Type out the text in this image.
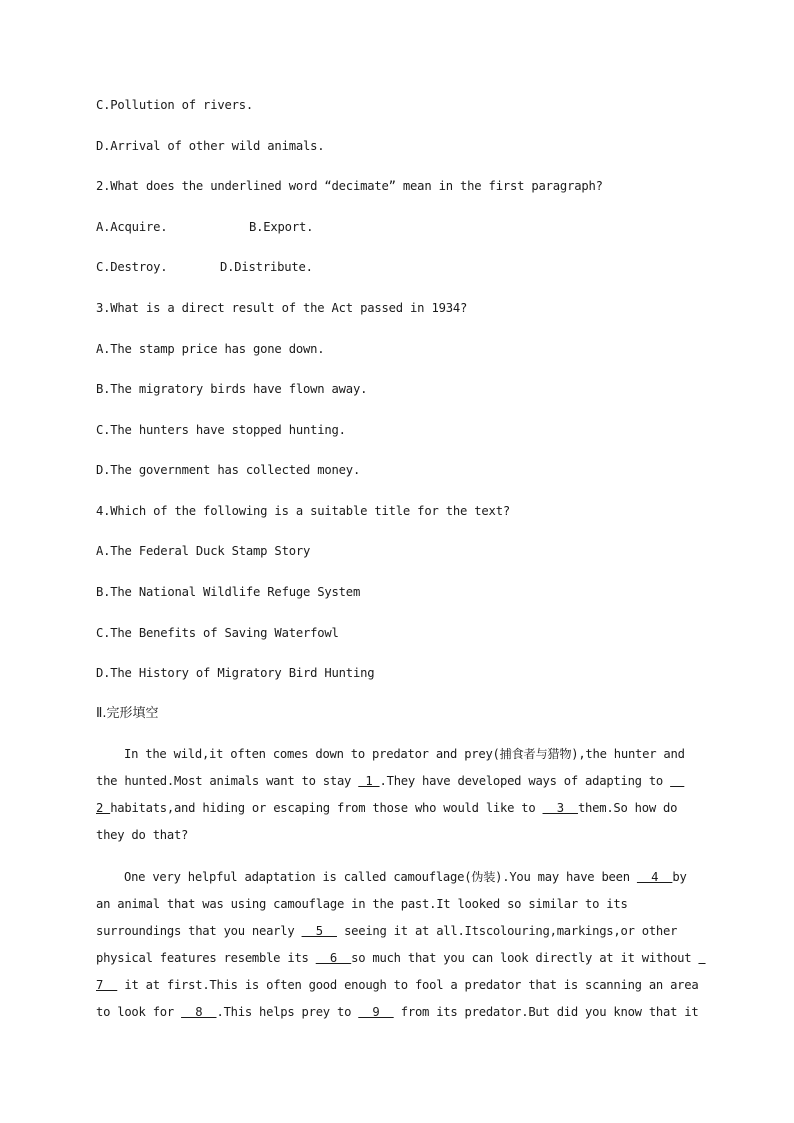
C.Pollution of rivers.
D.Arrival of other wild animals.
2.What does the underlined word “decimate” mean in the first paragraph?
A.Acquire.	B.Export.
C.Destroy.	D.Distribute.
3.What is a direct result of the Act passed in 1934?
A.The stamp price has gone down.
B.The migratory birds have flown away.
C.The hunters have stopped hunting.
D.The government has collected money.
4.Which of the following is a suitable title for the text?
A.The Federal Duck Stamp Story
B.The National Wildlife Refuge System
C.The Benefits of Saving Waterfowl
D.The History of Migratory Bird Hunting
Ⅱ.完形填空
In the wild,it often comes down to predator and prey(捕食者与猎物),the hunter and
the hunted.Most animals want to stay  1 .They have developed ways of adapting to
2 habitats,and hiding or escaping from those who would like to   3  them.So how do
they do that?
One very helpful adaptation is called camouflage(伪装).You may have been   4  by
an animal that was using camouflage in the past.It looked so similar to its
surroundings that you nearly   5   seeing it at all.Itscolouring,markings,or other
physical features resemble its   6  so much that you can look directly at it without
7   it at first.This is often good enough to fool a predator that is scanning an area
to look for   8  .This helps prey to   9   from its predator.But did you know that it
